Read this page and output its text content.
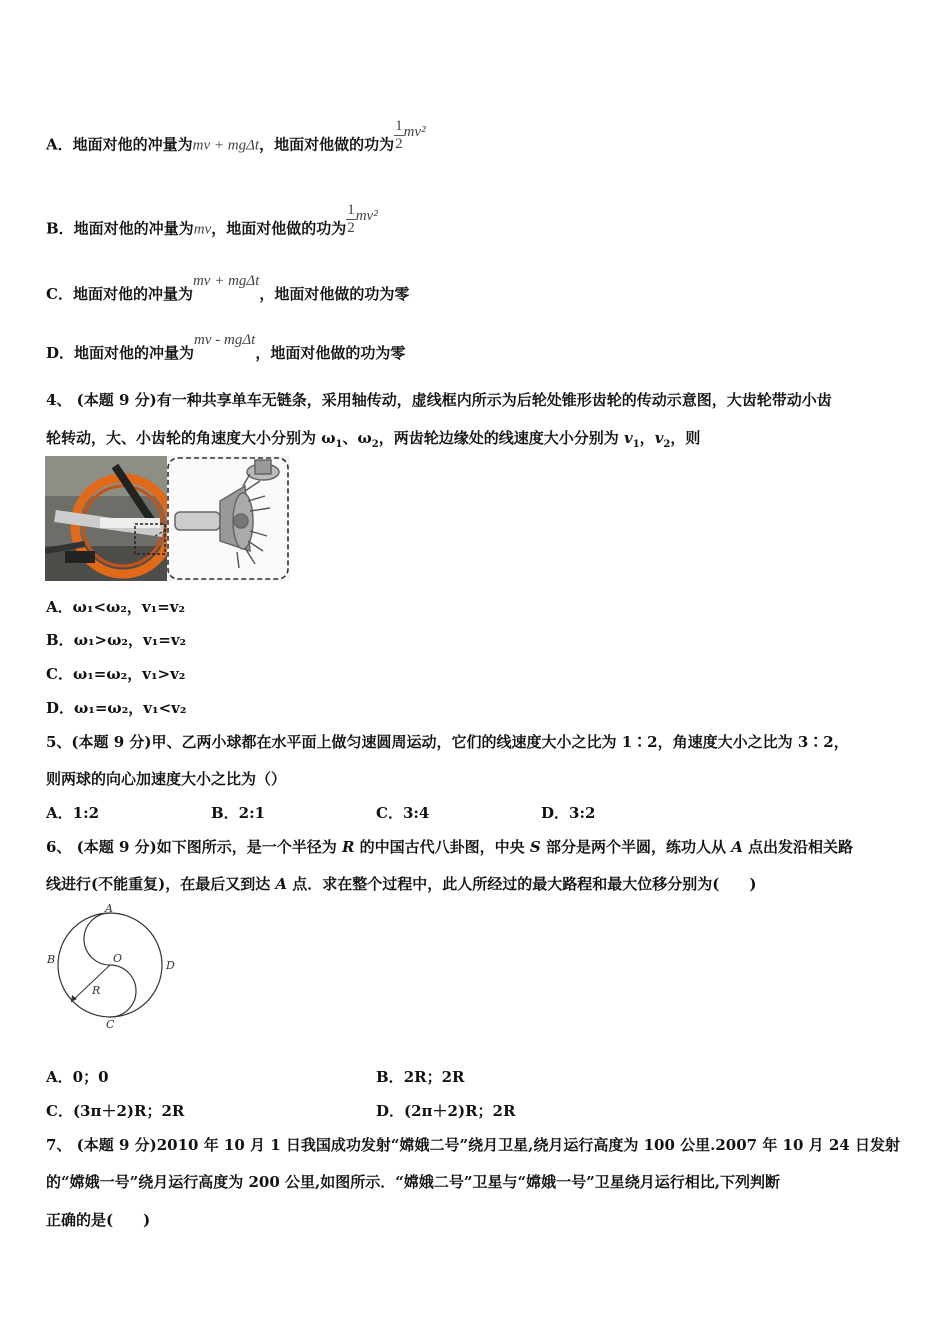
A．地面对他的冲量为mv + mgΔt，地面对他做的功为 $\frac{1}{2} mv^2$
B．地面对他的冲量为mv，地面对他做的功为 $\frac{1}{2} mv^2$
C．地面对他的冲量为mv + mgΔt，地面对他做的功为零
D．地面对他的冲量为mv - mgΔt，地面对他做的功为零
4、 (本题 9 分)有一种共享单车无链条，采用轴传动，虚线框内所示为后轮处锥形齿轮的传动示意图，大齿轮带动小齿
轮转动，大、小齿轮的角速度大小分别为 $\omega_1$、$\omega_2$，两齿轮边缘处的线速度大小分别为 $v_1$，$v_2$，则
A．ω₁<ω₂，v₁=v₂
B．ω₁>ω₂，v₁=v₂
C．ω₁=ω₂，v₁>v₂
D．ω₁=ω₂，v₁<v₂
5、(本题 9 分)甲、乙两小球都在水平面上做匀速圆周运动，它们的线速度大小之比为 1∶2，角速度大小之比为 3∶2，
则两球的向心加速度大小之比为（）
A．1:2	B．2:1	C．3:4	D．3:2
6、 (本题 9 分)如下图所示，是一个半径为 R 的中国古代八卦图，中央 S 部分是两个半圆，练功人从 A 点出发沿相关路
线进行(不能重复)，在最后又到达 A 点．求在整个过程中，此人所经过的最大路程和最大位移分别为(　　)
A
B
C
D
O
R
A．0；0	B．2R；2R
C．(3π＋2)R；2R	D．(2π＋2)R；2R
7、 (本题 9 分)2010 年 10 月 1 日我国成功发射“嫦娥二号”绕月卫星,绕月运行高度为 100 公里.2007 年 10 月 24 日发射
的“嫦娥一号”绕月运行高度为 200 公里,如图所示．“嫦娥二号”卫星与“嫦娥一号”卫星绕月运行相比,下列判断
正确的是(　　)
